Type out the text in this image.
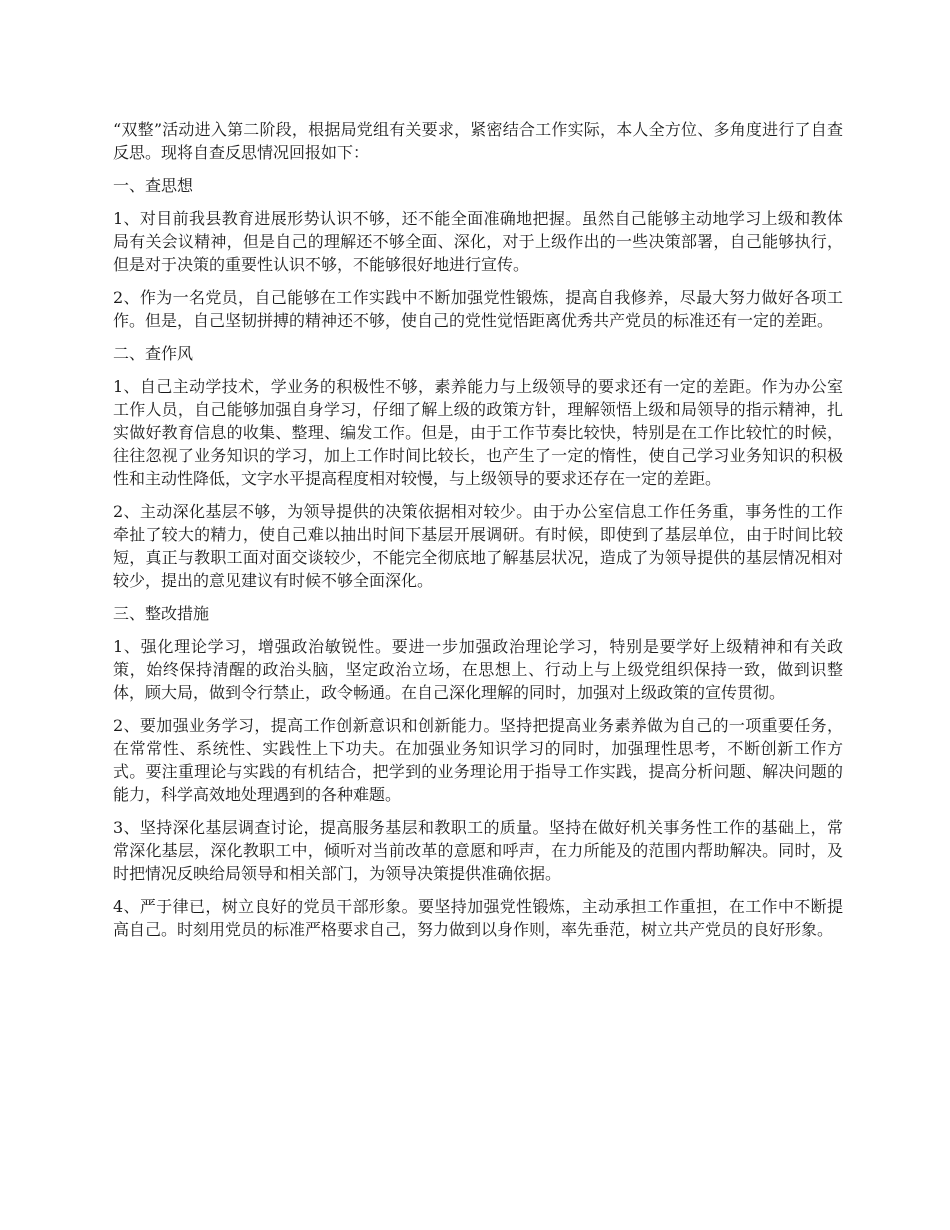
“双整”活动进入第二阶段，根据局党组有关要求，紧密结合工作实际，本人全方位、多角度进行了自查反思。现将自查反思情况回报如下：

一、查思想

1、对目前我县教育进展形势认识不够，还不能全面准确地把握。虽然自己能够主动地学习上级和教体局有关会议精神，但是自己的理解还不够全面、深化，对于上级作出的一些决策部署，自己能够执行，但是对于决策的重要性认识不够，不能够很好地进行宣传。

2、作为一名党员，自己能够在工作实践中不断加强党性锻炼，提高自我修养，尽最大努力做好各项工作。但是，自己坚韧拼搏的精神还不够，使自己的党性觉悟距离优秀共产党员的标准还有一定的差距。

二、查作风

1、自己主动学技术，学业务的积极性不够，素养能力与上级领导的要求还有一定的差距。作为办公室工作人员，自己能够加强自身学习，仔细了解上级的政策方针，理解领悟上级和局领导的指示精神，扎实做好教育信息的收集、整理、编发工作。但是，由于工作节奏比较快，特别是在工作比较忙的时候，往往忽视了业务知识的学习，加上工作时间比较长，也产生了一定的惰性，使自己学习业务知识的积极性和主动性降低，文字水平提高程度相对较慢，与上级领导的要求还存在一定的差距。

2、主动深化基层不够，为领导提供的决策依据相对较少。由于办公室信息工作任务重，事务性的工作牵扯了较大的精力，使自己难以抽出时间下基层开展调研。有时候，即使到了基层单位，由于时间比较短，真正与教职工面对面交谈较少，不能完全彻底地了解基层状况，造成了为领导提供的基层情况相对较少，提出的意见建议有时候不够全面深化。

三、整改措施

1、强化理论学习，增强政治敏锐性。要进一步加强政治理论学习，特别是要学好上级精神和有关政策，始终保持清醒的政治头脑，坚定政治立场，在思想上、行动上与上级党组织保持一致，做到识整体，顾大局，做到令行禁止，政令畅通。在自己深化理解的同时，加强对上级政策的宣传贯彻。

2、要加强业务学习，提高工作创新意识和创新能力。坚持把提高业务素养做为自己的一项重要任务，在常常性、系统性、实践性上下功夫。在加强业务知识学习的同时，加强理性思考，不断创新工作方式。要注重理论与实践的有机结合，把学到的业务理论用于指导工作实践，提高分析问题、解决问题的能力，科学高效地处理遇到的各种难题。

3、坚持深化基层调查讨论，提高服务基层和教职工的质量。坚持在做好机关事务性工作的基础上，常常深化基层，深化教职工中，倾听对当前改革的意愿和呼声，在力所能及的范围内帮助解决。同时，及时把情况反映给局领导和相关部门，为领导决策提供准确依据。

4、严于律已，树立良好的党员干部形象。要坚持加强党性锻炼，主动承担工作重担，在工作中不断提高自己。时刻用党员的标准严格要求自己，努力做到以身作则，率先垂范，树立共产党员的良好形象。
